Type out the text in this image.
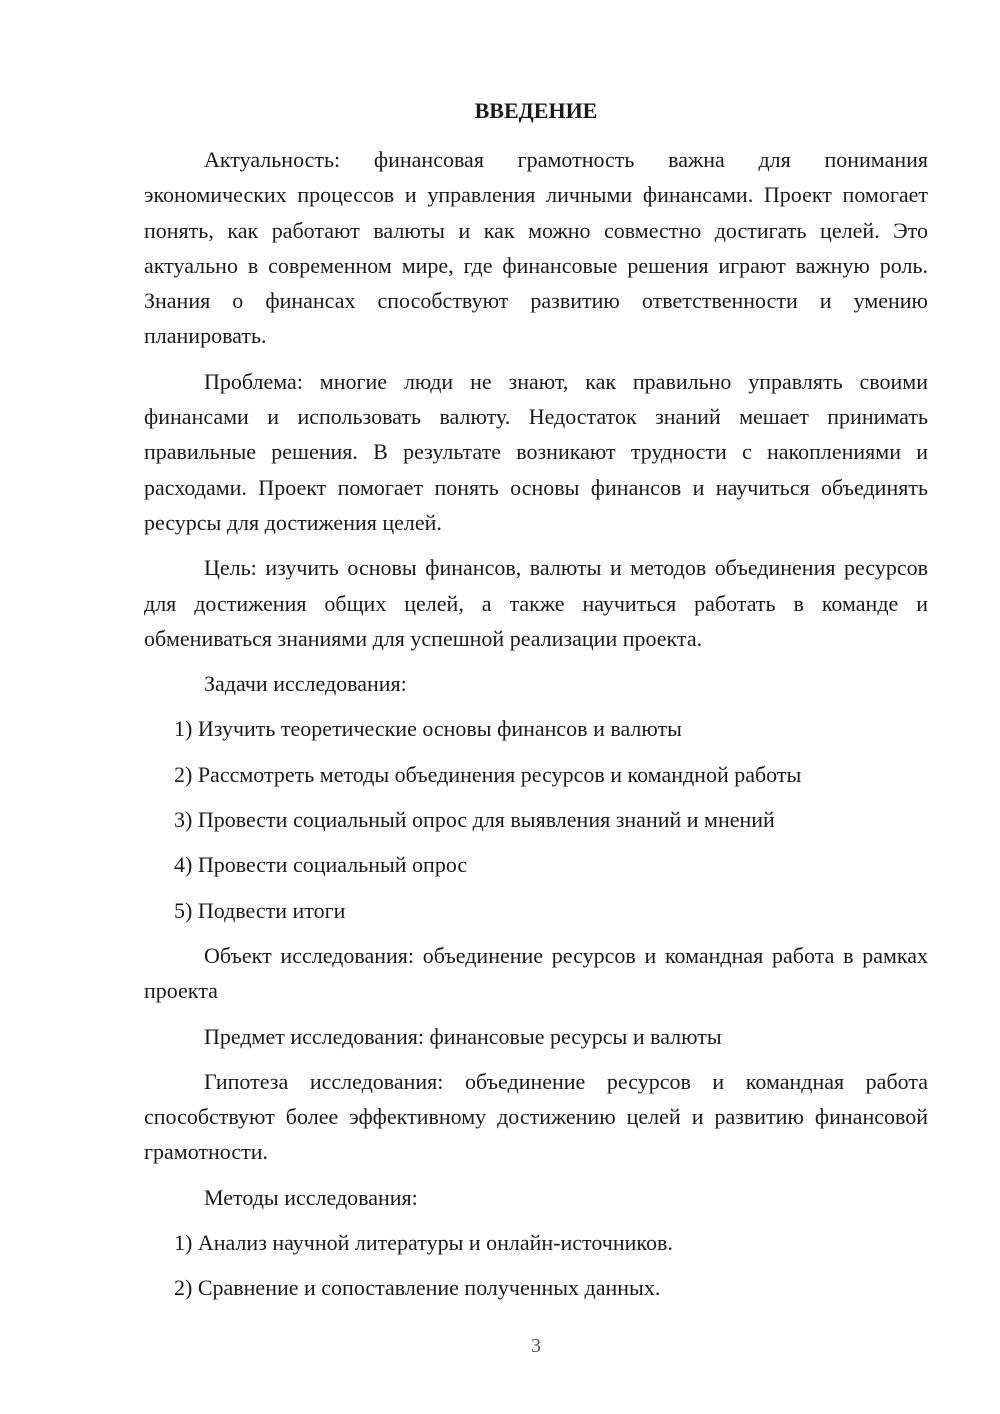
ВВЕДЕНИЕ

Актуальность: финансовая грамотность важна для понимания экономических процессов и управления личными финансами. Проект помогает понять, как работают валюты и как можно совместно достигать целей. Это актуально в современном мире, где финансовые решения играют важную роль. Знания о финансах способствуют развитию ответственности и умению планировать.

Проблема: многие люди не знают, как правильно управлять своими финансами и использовать валюту. Недостаток знаний мешает принимать правильные решения. В результате возникают трудности с накоплениями и расходами. Проект помогает понять основы финансов и научиться объединять ресурсы для достижения целей.

Цель: изучить основы финансов, валюты и методов объединения ресурсов для достижения общих целей, а также научиться работать в команде и обмениваться знаниями для успешной реализации проекта.

Задачи исследования:

1) Изучить теоретические основы финансов и валюты

2) Рассмотреть методы объединения ресурсов и командной работы

3) Провести социальный опрос для выявления знаний и мнений

4) Провести социальный опрос

5) Подвести итоги

Объект исследования: объединение ресурсов и командная работа в рамках проекта

Предмет исследования: финансовые ресурсы и валюты

Гипотеза исследования: объединение ресурсов и командная работа способствуют более эффективному достижению целей и развитию финансовой грамотности.

Методы исследования:

1) Анализ научной литературы и онлайн-источников.

2) Сравнение и сопоставление полученных данных.

3
